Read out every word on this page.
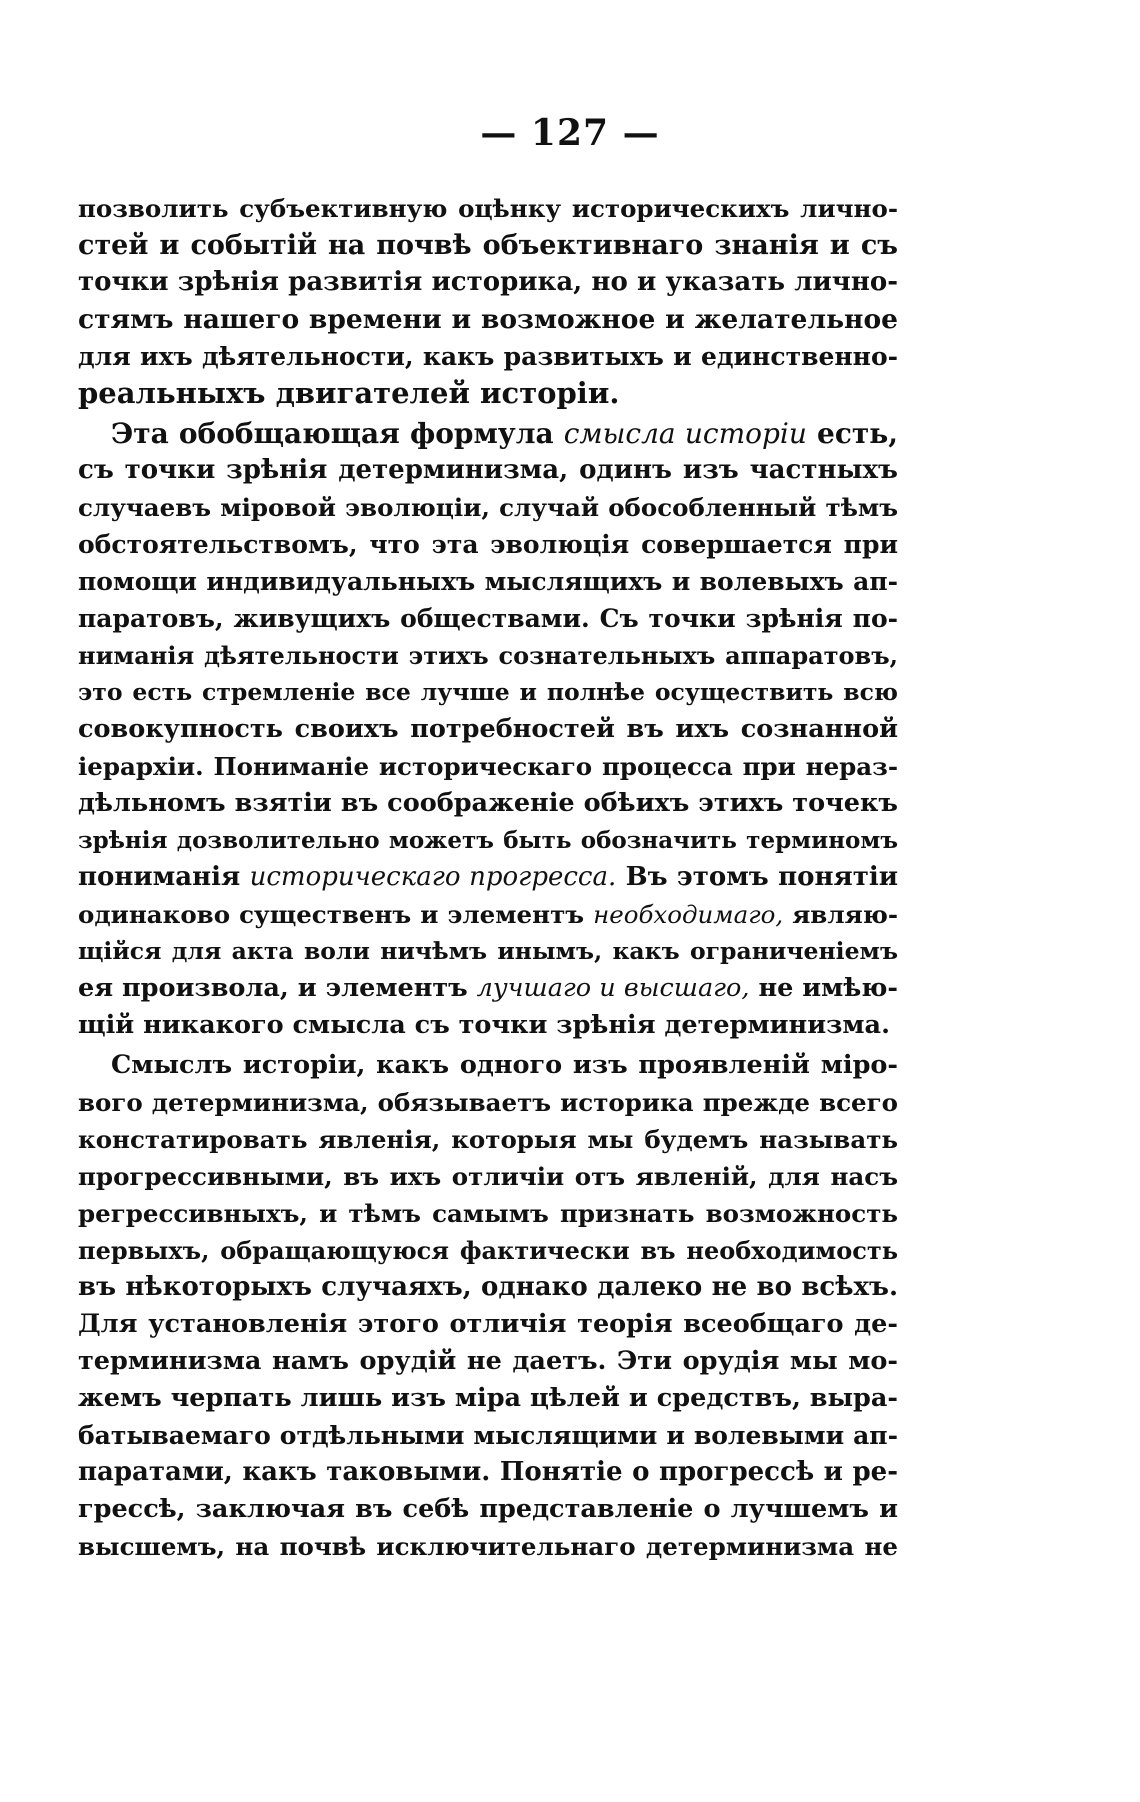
— 127 —
позволить субъективную оцѣнку историческихъ лично-
стей и событій на почвѣ объективнаго знанія и съ
точки зрѣнія развитія историка, но и указать лично-
стямъ нашего времени и возможное и желательное
для ихъ дѣятельности, какъ развитыхъ и единственно-
реальныхъ двигателей исторіи.
Эта обобщающая формула смысла исторіи есть,
съ точки зрѣнія детерминизма, одинъ изъ частныхъ
случаевъ міровой эволюціи, случай обособленный тѣмъ
обстоятельствомъ, что эта эволюція совершается при
помощи индивидуальныхъ мыслящихъ и волевыхъ ап-
паратовъ, живущихъ обществами. Съ точки зрѣнія по-
ниманія дѣятельности этихъ сознательныхъ аппаратовъ,
это есть стремленіе все лучше и полнѣе осуществить всю
совокупность своихъ потребностей въ ихъ сознанной
іерархіи. Пониманіе историческаго процесса при нераз-
дѣльномъ взятіи въ соображеніе обѣихъ этихъ точекъ
зрѣнія дозволительно можетъ быть обозначить терминомъ
пониманія историческаго прогресса. Въ этомъ понятіи
одинаково существенъ и элементъ необходимаго, являю-
щійся для акта воли ничѣмъ инымъ, какъ ограниченіемъ
ея произвола, и элементъ лучшаго и высшаго, не имѣю-
щій никакого смысла съ точки зрѣнія детерминизма.
Смыслъ исторіи, какъ одного изъ проявленій міро-
вого детерминизма, обязываетъ историка прежде всего
констатировать явленія, которыя мы будемъ называть
прогрессивными, въ ихъ отличіи отъ явленій, для насъ
регрессивныхъ, и тѣмъ самымъ признать возможность
первыхъ, обращающуюся фактически въ необходимость
въ нѣкоторыхъ случаяхъ, однако далеко не во всѣхъ.
Для установленія этого отличія теорія всеобщаго де-
терминизма намъ орудій не даетъ. Эти орудія мы мо-
жемъ черпать лишь изъ міра цѣлей и средствъ, выра-
батываемаго отдѣльными мыслящими и волевыми ап-
паратами, какъ таковыми. Понятіе о прогрессѣ и ре-
грессѣ, заключая въ себѣ представленіе о лучшемъ и
высшемъ, на почвѣ исключительнаго детерминизма не
